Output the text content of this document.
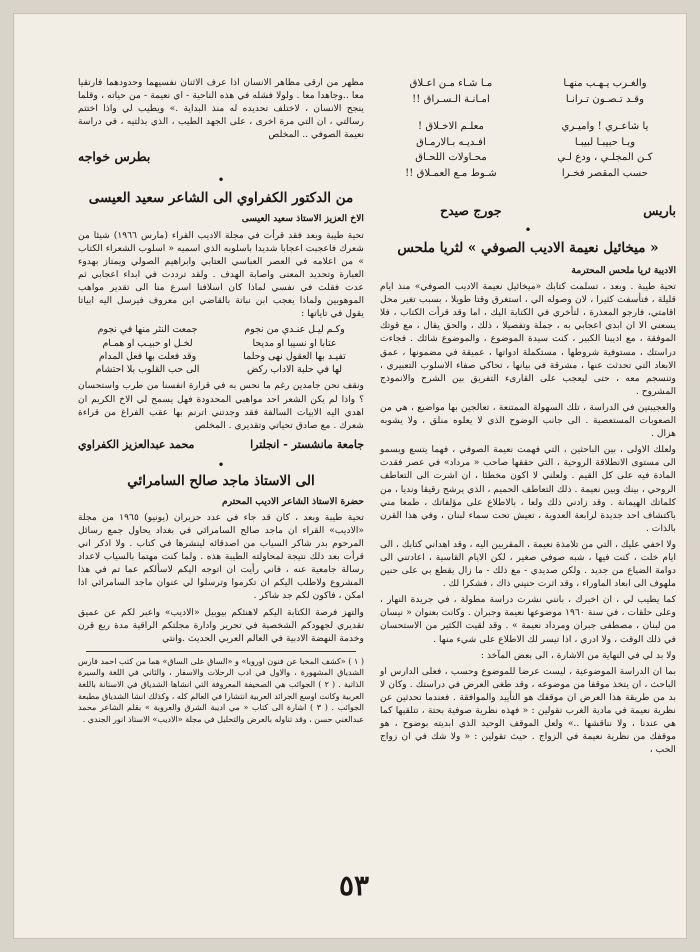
والغـرب يـهـب منهـا
مـا شـاء مـن اعـلاق
وقـد تـصـون تـرانـا
امـانـة الـسـراق !!
يا شاعـري ! واميـري
معلـم الاخـلاق !
وبـا حبيبـا لبيبـا
افـديـه بـالارمـاق
كـن المجلـي ، ودع لـي
محـاولات اللحـاق
حسب المقصر فخـرا
شـوط مـع العمـلاق !!
باريس
جورج صيدح

•

« ميخائيل نعيمة الاديب الصوفي » لثريا ملحس

الاديبة ثريا ملحس المحترمة

تحية طيبة . وبعد ، تسلمت كتابك «ميخائيل نعيمة الاديب الصوفي» منذ ايام قليلة ، فتأسفت كثيرا ، لان وصوله الي ، استغرق وقتا طويلا ، بسبب تغير محل اقامتي، فارجو المعذرة ، لتأخري في الكتابة اليك ، اما وقد قرأت الكتاب ، فلا يسعني الا ان ابدي اعجابي به ، جملة وتفصيلا ، ذلك ، والحق يقال ، مع قوتك الموفقة ، مع اديبنا الكبير ، كنت سيدة الموضوع ، والموضوع شائك . فجاءت دراستك ، مستوفية شروطها ، مستكملة ادواتها ، عميقة في مضمونها ، عمق الابعاد التي تحدثت عنها ، مشرقة في بيانها ، تحاكي صفاء الاسلوب التعبيري ، وتنسجم معه ، حتى ليعجب على القارىء التفريق بين الشرح والانموذج المشروح .

والعجيبتين في الدراسة ، تلك السهولة الممتنعة ، تعالجين بها مواضيع ، هي من الصعوبات المستعصية . الى جانب الوضوح الذي لا يعلوه منلق ، ولا يشوبه هزال .

ولعلك الاولى ، بين الباحثين ، التي فهمت نعيمة الصوفي ، فهما يتسع ويسمو الى مستوى الانطلاقة الروحية ، التي حققها صاحب « مرداد» في عصر فقدت المادة فيه على كل القيم . ولعلني لا اكون مخطئا ، ان اشرت الى التعاطف الروحي ، بينك وبين نعيمة . ذلك التعاطف الحميم ، الذي يرشح رقيقا ونديا ، من كلماتك الهيمانة . وقد زادني ذلك ولعا ، بالاطلاع على مؤلفاتك ، طمعا مني باكتشاف احد جديدة لرابعة العدوية ، تعيش تحت سماء لبنان ، وفي هذا القرن بالذات .

ولا اخفي عليك ، التي من تلامذة نعيمة ، المقربين اليه ، وقد اهداني كتابك ، الى ايام خلت ، كنت فيها ، شبه صوفي صغير ، لكن الايام القاسية ، اعادتني الى دوامة الضياع من جديد . ولكن صديدي - مع ذلك - ما زال يقطع بي على حنين ملهوف الى ابعاد الماوراء ، وقد اثرت حنيني ذاك ، فشكرا لك .

كما يطيب لي ، ان اخبرك ، بانني نشرت دراسة مطولة ، في جريدة النهار ، وعلى حلقات ، في سنة ١٩٦٠ موضوعها نعيمة وجبران . وكانت بعنوان « نيسان من لبنان ، مصطفى جبران ومرداد نعيمة » . وقد لقيت الكثير من الاستحسان في ذلك الوقت ، ولا ادري ، اذا تيسر لك الاطلاع على شيء منها .

ولا بد لي في النهاية من الاشارة ، الى بعض المآخذ :

بما ان الدراسة الموضوعية ، ليست عرضا للموضوع وحسب ، فعلى الدارس او الباحث ، ان يتخذ موقفا من موضوعه ، وقد طغى العرض في دراستك . وكان لا بد من طريقة هذا العرض ان موقفك هو التأييد والموافقة . فعندما تحدثين عن نظرية نعيمة في مادية الغرب تقولين : « فهذه نظرية صوفية بحتة ، تتلقيها كما هي عندنا ، ولا نناقشها ..» ولعل الموقف الوحيد الذي ابديته بوضوح ، هو موقفك من نظرية نعيمة في الزواج . حيث تقولين : « ولا شك في ان زواج الحب ،

مظهر من ارقى مظاهر الانسان اذا عرف الاثنان نفسيهما وحدودهما فارتقيا معا ..وجاهدا معا . ولولا فشله في هذه الناحية - اي نعيمة - من حياته ، وقلما ينجح الانسان ، لاختلف تحديده له منذ البداية .» ويطيب لي واذا اختتم رسالتي ، ان التي مرة اخرى ، على الجهد الطيب ، الذي بذلتيه ، في دراسة نعيمة الصوفي .. المخلص

بطرس خواجه

•

من الدكتور الكفراوي الى الشاعر سعيد العيسى

الاخ العزيز الاستاذ سعيد العيسى

تحية طيبة وبعد فقد قرأت في مجلة الاديب القراء (مارس ١٩٦٦) شيئا من شعرك فاعجبت اعجابا شديدا باسلوبه الذي اسميه « اسلوب الشعراء الكتاب » من اعلامه في العصر العباسي العتابي وابراهيم الصولي ويمتاز بهدوء العبارة وتحديد المعنى واصابة الهدف . ولقد ترددت في ابداء اعجابي ثم عدت فقلت في نفسي لماذا كان اسلافنا اسرع منا الى تقدير مواهب الموهوبين ولماذا يعجب ابن نباتة بالقاضي ابن معروف فيرسل اليه ابياتا يقول في تاياتها :

وكـم ليـل عنـدي من نجوم
جمعت النثر منها في نجوم
عتابا او نسيبا او مديحا
لخـل او حبيـب او همـام
تفيـد بها العقول نهى وحلما
وقد فعلت بها فعل المدام
لها في حلبة الاداب ركض
الى حب القلوب بلا احتشام

ونقف نحن جامدين رغم ما نحس به في قرارة انفسنا من طرب واستحسان ؟ واذا لم يكن الشعر احد مواهبي المحدودة فهل يسمح لي الاخ الكريم ان اهدي اليه الابيات السالفة فقد وجدتني اترنم بها عقب الفراغ من قراءة شعرك . مع صادق تحياتي وتقديري . المخلص

جامعة مانشستر - انجلترا
محمد عبدالعزيز الكفراوي

•

الى الاستاذ ماجد صالح السامرائي

حضرة الاستاذ الشاعر الاديب المحترم

تحية طيبة وبعد ، كان قد جاء في عدد حزيران (يونيو) ١٩٦٥ من مجلة «الاديب» القراء ان ماجد صالح السامرائي في بغداد يحاول جمع رسائل المرحوم بدر شاكر السياب من اصدقائه لينشرها في كتاب . ولا اذكر اني قرأت بعد ذلك نتيجة لمحاولته الطيبة هذه . ولما كنت مهتما بالسياب لاعداد رسالة جامعية عنه ، فاني رأيت ان اتوجه اليكم لاسألكم عما تم في هذا المشروع ولاطلب اليكم ان تكرموا وترسلوا لي عنوان ماجد السامرائي اذا امكن ، فاكون لكم جد شاكر .

والتهز فرصة الكتابة اليكم لاهنئكم بيوبيل «الاديب» واعبر لكم عن عميق تقديري لجهودكم الشخصية في تحرير وادارة مجلتكم الراقية مدة ربع قرن وخدمة النهضة الادبية في العالم العربي الحديث .وانتي

( ١ ) «كشف المخبا عن فنون اوروبا» و «الساق على الساق» هما من كتب احمد فارس الشدياق المشهورة ، والاول في ادب الرحلات والاسفار ، والثاني في اللغة والسيرة الذاتية . ( ٢ ) الجوائب هي الصحيفة المعروفة التي انشاها الشدياق في الاستانة باللغة العربية وكانت اوسع الجرائد العربية انتشارا في العالم كله ، وكذلك انشا الشدياق مطبعة الجوائب . ( ٣ ) اشارة الى كتاب « مي اديبة الشرق والعروبة » بقلم الشاعر محمد عبدالغني حسن ، وقد تناوله بالعرض والتحليل في مجلة «الاديب» الاستاذ انور الجندي .

٥٣
